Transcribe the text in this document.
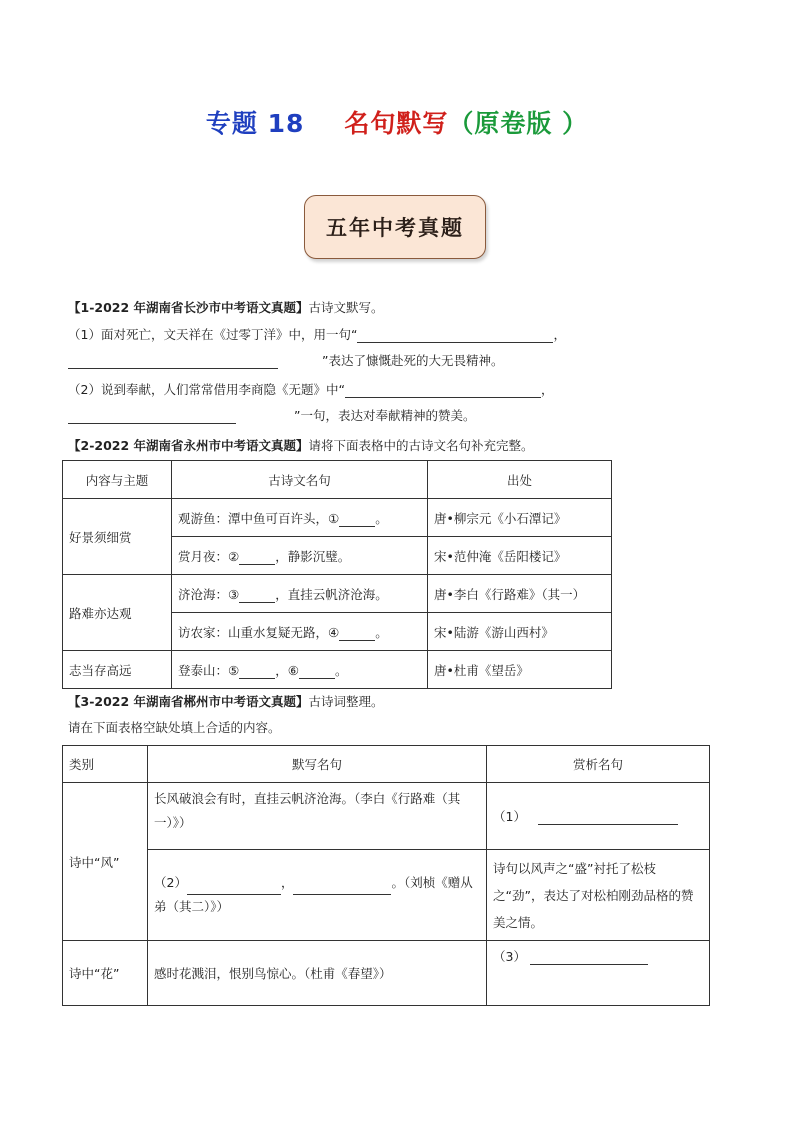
专题 18 名句默写（原卷版 ）
五年中考真题
【1-2022 年湖南省长沙市中考语文真题】古诗文默写。
（1）面对死亡，文天祥在《过零丁洋》中，用一句“	，
”表达了慷慨赴死的大无畏精神。
（2）说到奉献，人们常常借用李商隐《无题》中“	，
”一句，表达对奉献精神的赞美。
【2-2022 年湖南省永州市中考语文真题】请将下面表格中的古诗文名句补充完整。
内容与主题	古诗文名句	出处
好景须细赏	观游鱼：潭中鱼可百许头，① 。	唐•柳宗元《小石潭记》
	赏月夜：② ，静影沉璧。	宋•范仲淹《岳阳楼记》
路难亦达观	济沧海：③ ，直挂云帆济沧海。	唐•李白《行路难》（其一）
	访农家：山重水复疑无路，④ 。	宋•陆游《游山西村》
志当存高远	登泰山：⑤ ，⑥ 。	唐•杜甫《望岳》
【3-2022 年湖南省郴州市中考语文真题】古诗词整理。
请在下面表格空缺处填上合适的内容。
类别	默写名句	赏析名句
诗中“风”	长风破浪会有时，直挂云帆济沧海。（李白《行路难（其一）》）	（1）
	（2） ， 。（刘桢《赠从弟（其二）》）	诗句以风声之“盛”衬托了松枝之“劲”，表达了对松柏刚劲品格的赞美之情。
诗中“花”	感时花溅泪，恨别鸟惊心。（杜甫《春望》）	（3）
